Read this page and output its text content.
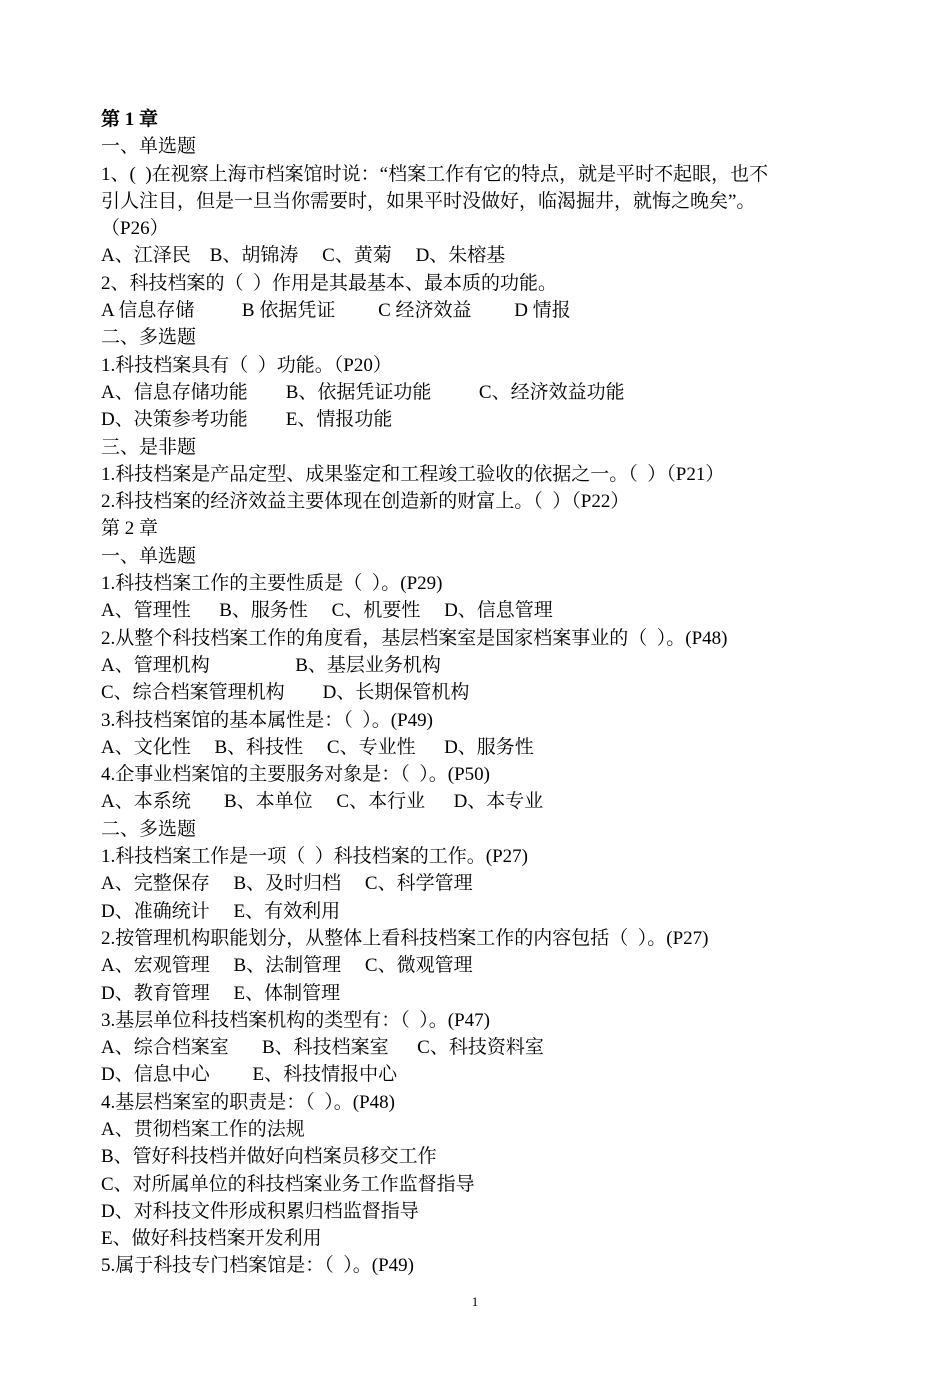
第 1 章
一、单选题
1、(  )在视察上海市档案馆时说：“档案工作有它的特点，就是平时不起眼，也不
引人注目，但是一旦当你需要时，如果平时没做好，临渴掘井，就悔之晚矣”。
（P26）
A、江泽民    B、胡锦涛     C、黄菊     D、朱榕基
2、科技档案的（  ）作用是其最基本、最本质的功能。
A 信息存储          B 依据凭证         C 经济效益         D 情报
二、多选题
1.科技档案具有（  ）功能。（P20）
A、信息存储功能        B、依据凭证功能          C、经济效益功能
D、决策参考功能        E、情报功能
三、是非题
1.科技档案是产品定型、成果鉴定和工程竣工验收的依据之一。（  ）（P21）
2.科技档案的经济效益主要体现在创造新的财富上。（  ）（P22）
第 2 章
一、单选题
1.科技档案工作的主要性质是（  ）。(P29)
A、管理性      B、服务性     C、机要性     D、信息管理
2.从整个科技档案工作的角度看，基层档案室是国家档案事业的（  ）。(P48)
A、管理机构                  B、基层业务机构
C、综合档案管理机构        D、长期保管机构
3.科技档案馆的基本属性是：（  ）。(P49)
A、文化性     B、科技性     C、专业性      D、服务性
4.企事业档案馆的主要服务对象是：（  ）。(P50)
A、本系统       B、本单位     C、本行业      D、本专业
二、多选题
1.科技档案工作是一项（  ）科技档案的工作。(P27)
A、完整保存     B、及时归档     C、科学管理
D、准确统计     E、有效利用
2.按管理机构职能划分，从整体上看科技档案工作的内容包括（  ）。(P27)
A、宏观管理     B、法制管理     C、微观管理
D、教育管理     E、体制管理
3.基层单位科技档案机构的类型有：（  ）。(P47)
A、综合档案室       B、科技档案室      C、科技资料室
D、信息中心         E、科技情报中心
4.基层档案室的职责是：（  ）。(P48)
A、贯彻档案工作的法规
B、管好科技档并做好向档案员移交工作
C、对所属单位的科技档案业务工作监督指导
D、对科技文件形成积累归档监督指导
E、做好科技档案开发利用
5.属于科技专门档案馆是：（  ）。(P49)
1
